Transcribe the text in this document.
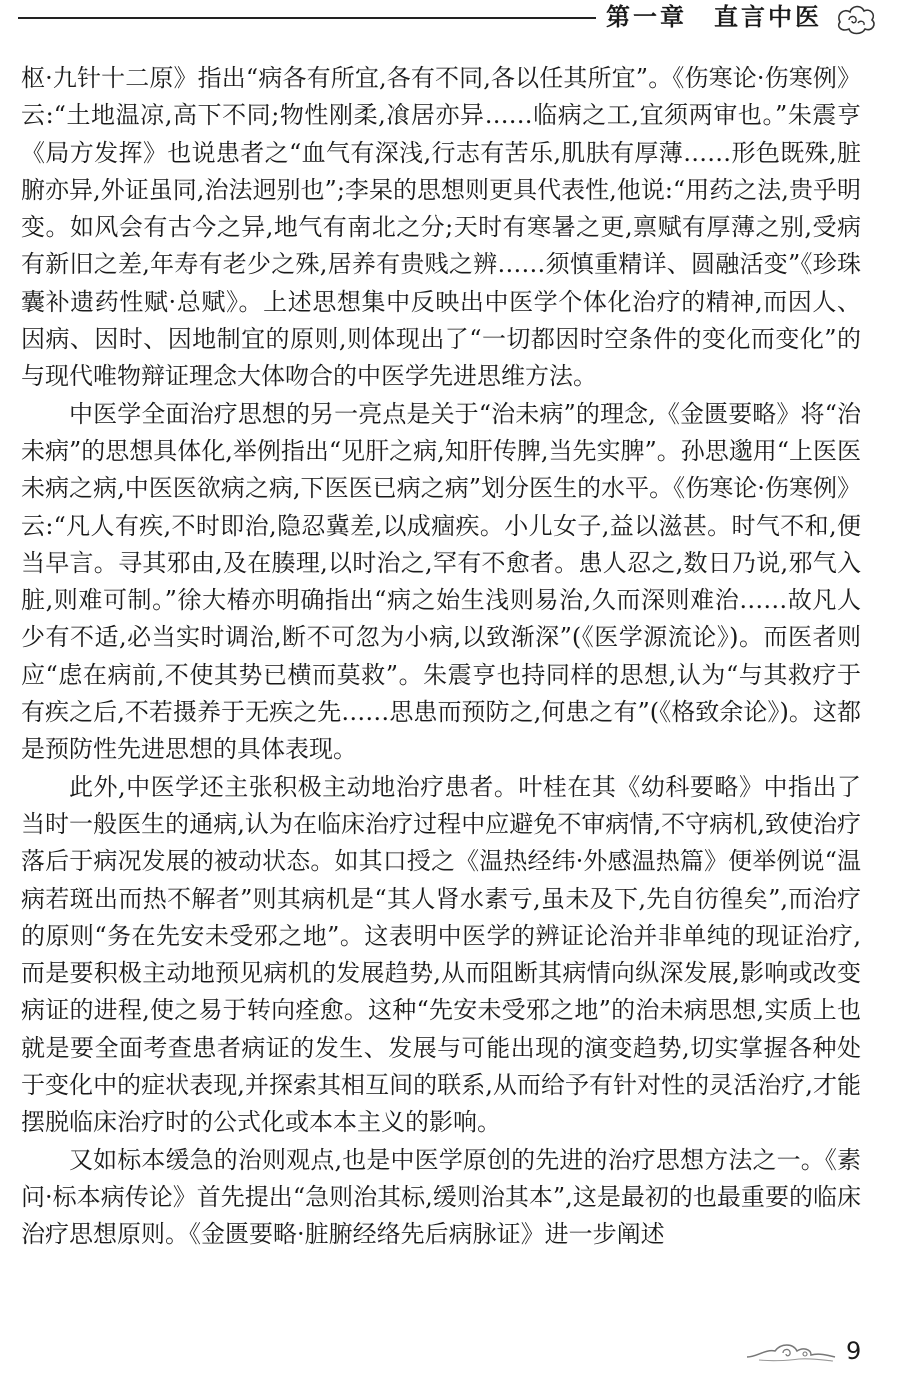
第一章　直言中医

枢·九针十二原》指出“病各有所宜,各有不同,各以任其所宜”。《伤寒论·伤寒例》云:“土地温凉,高下不同;物性刚柔,飡居亦异……临病之工,宜须两审也。”朱震亨《局方发挥》也说患者之“血气有深浅,行志有苦乐,肌肤有厚薄……形色既殊,脏腑亦异,外证虽同,治法迥别也”;李杲的思想则更具代表性,他说:“用药之法,贵乎明变。如风会有古今之异,地气有南北之分;天时有寒暑之更,禀赋有厚薄之别,受病有新旧之差,年寿有老少之殊,居养有贵贱之辨……须慎重精详、圆融活变”《珍珠囊补遗药性赋·总赋》。上述思想集中反映出中医学个体化治疗的精神,而因人、因病、因时、因地制宜的原则,则体现出了“一切都因时空条件的变化而变化”的与现代唯物辩证理念大体吻合的中医学先进思维方法。

中医学全面治疗思想的另一亮点是关于“治未病”的理念,《金匮要略》将“治未病”的思想具体化,举例指出“见肝之病,知肝传脾,当先实脾”。孙思邈用“上医医未病之病,中医医欲病之病,下医医已病之病”划分医生的水平。《伤寒论·伤寒例》云:“凡人有疾,不时即治,隐忍冀差,以成痼疾。小儿女子,益以滋甚。时气不和,便当早言。寻其邪由,及在腠理,以时治之,罕有不愈者。患人忍之,数日乃说,邪气入脏,则难可制。”徐大椿亦明确指出“病之始生浅则易治,久而深则难治……故凡人少有不适,必当实时调治,断不可忽为小病,以致渐深”(《医学源流论》)。而医者则应“虑在病前,不使其势已横而莫救”。朱震亨也持同样的思想,认为“与其救疗于有疾之后,不若摄养于无疾之先……思患而预防之,何患之有”(《格致余论》)。这都是预防性先进思想的具体表现。

此外,中医学还主张积极主动地治疗患者。叶桂在其《幼科要略》中指出了当时一般医生的通病,认为在临床治疗过程中应避免不审病情,不守病机,致使治疗落后于病况发展的被动状态。如其口授之《温热经纬·外感温热篇》便举例说“温病若斑出而热不解者”则其病机是“其人肾水素亏,虽未及下,先自彷徨矣”,而治疗的原则“务在先安未受邪之地”。这表明中医学的辨证论治并非单纯的现证治疗,而是要积极主动地预见病机的发展趋势,从而阻断其病情向纵深发展,影响或改变病证的进程,使之易于转向痊愈。这种“先安未受邪之地”的治未病思想,实质上也就是要全面考查患者病证的发生、发展与可能出现的演变趋势,切实掌握各种处于变化中的症状表现,并探索其相互间的联系,从而给予有针对性的灵活治疗,才能摆脱临床治疗时的公式化或本本主义的影响。

又如标本缓急的治则观点,也是中医学原创的先进的治疗思想方法之一。《素问·标本病传论》首先提出“急则治其标,缓则治其本”,这是最初的也最重要的临床治疗思想原则。《金匮要略·脏腑经络先后病脉证》进一步阐述

9
